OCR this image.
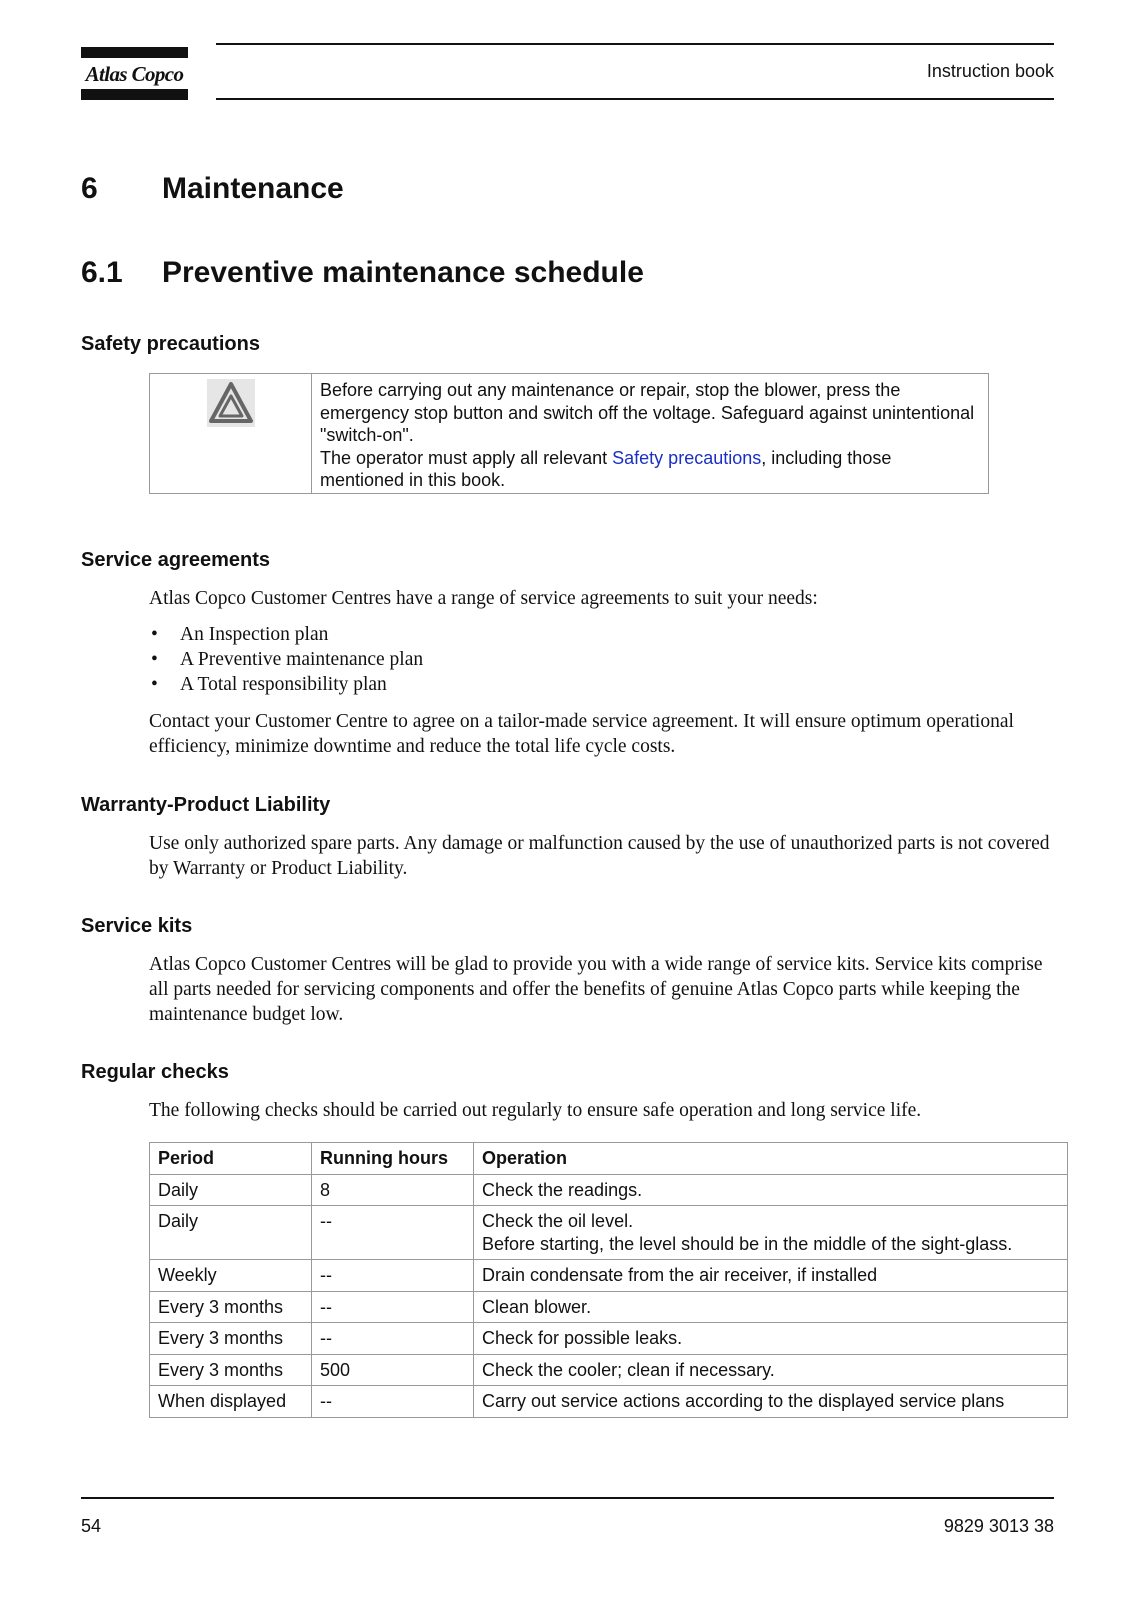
Atlas Copco	Instruction book
6 Maintenance
6.1 Preventive maintenance schedule
Safety precautions
Before carrying out any maintenance or repair, stop the blower, press the emergency stop button and switch off the voltage. Safeguard against unintentional "switch-on".
The operator must apply all relevant Safety precautions, including those mentioned in this book.
Service agreements
Atlas Copco Customer Centres have a range of service agreements to suit your needs:
• An Inspection plan
• A Preventive maintenance plan
• A Total responsibility plan
Contact your Customer Centre to agree on a tailor-made service agreement. It will ensure optimum operational efficiency, minimize downtime and reduce the total life cycle costs.
Warranty-Product Liability
Use only authorized spare parts. Any damage or malfunction caused by the use of unauthorized parts is not covered by Warranty or Product Liability.
Service kits
Atlas Copco Customer Centres will be glad to provide you with a wide range of service kits. Service kits comprise all parts needed for servicing components and offer the benefits of genuine Atlas Copco parts while keeping the maintenance budget low.
Regular checks
The following checks should be carried out regularly to ensure safe operation and long service life.
Period	Running hours	Operation
Daily	8	Check the readings.
Daily	--	Check the oil level.
Before starting, the level should be in the middle of the sight-glass.

Weekly	--	Drain condensate from the air receiver, if installed
Every 3 months	--	Clean blower.
Every 3 months	--	Check for possible leaks.
Every 3 months	500	Check the cooler; clean if necessary.
When displayed	--	Carry out service actions according to the displayed service plans
54	9829 3013 38
